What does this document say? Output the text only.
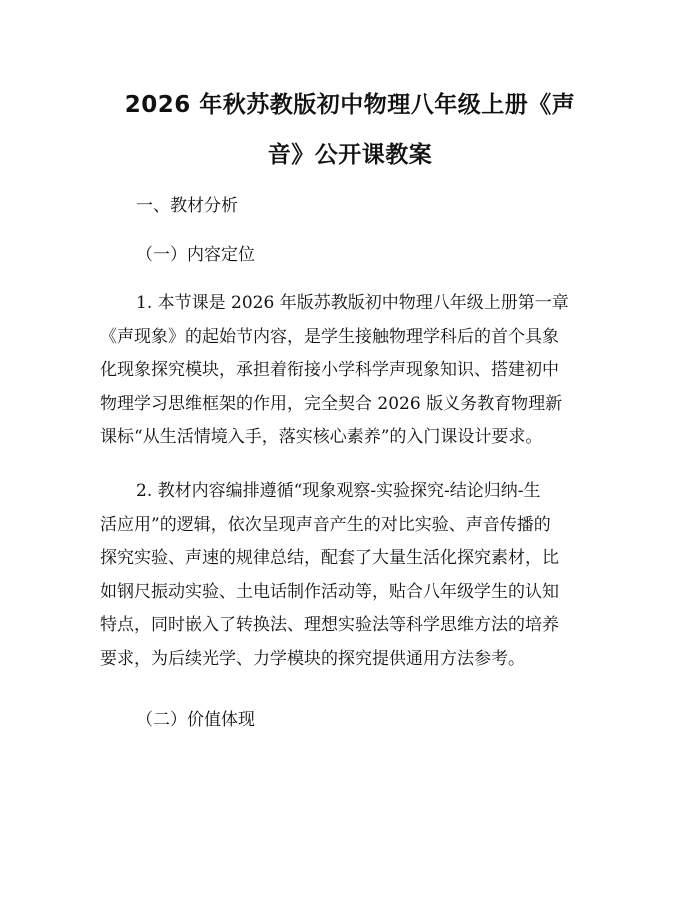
2026 年秋苏教版初中物理八年级上册《声
音》公开课教案
一、教材分析
（一）内容定位
1. 本节课是 2026 年版苏教版初中物理八年级上册第一章
《声现象》的起始节内容，是学生接触物理学科后的首个具象
化现象探究模块，承担着衔接小学科学声现象知识、搭建初中
物理学习思维框架的作用，完全契合 2026 版义务教育物理新
课标“从生活情境入手，落实核心素养”的入门课设计要求。
2. 教材内容编排遵循“现象观察-实验探究-结论归纳-生
活应用”的逻辑，依次呈现声音产生的对比实验、声音传播的
探究实验、声速的规律总结，配套了大量生活化探究素材，比
如钢尺振动实验、土电话制作活动等，贴合八年级学生的认知
特点，同时嵌入了转换法、理想实验法等科学思维方法的培养
要求，为后续光学、力学模块的探究提供通用方法参考。
（二）价值体现
